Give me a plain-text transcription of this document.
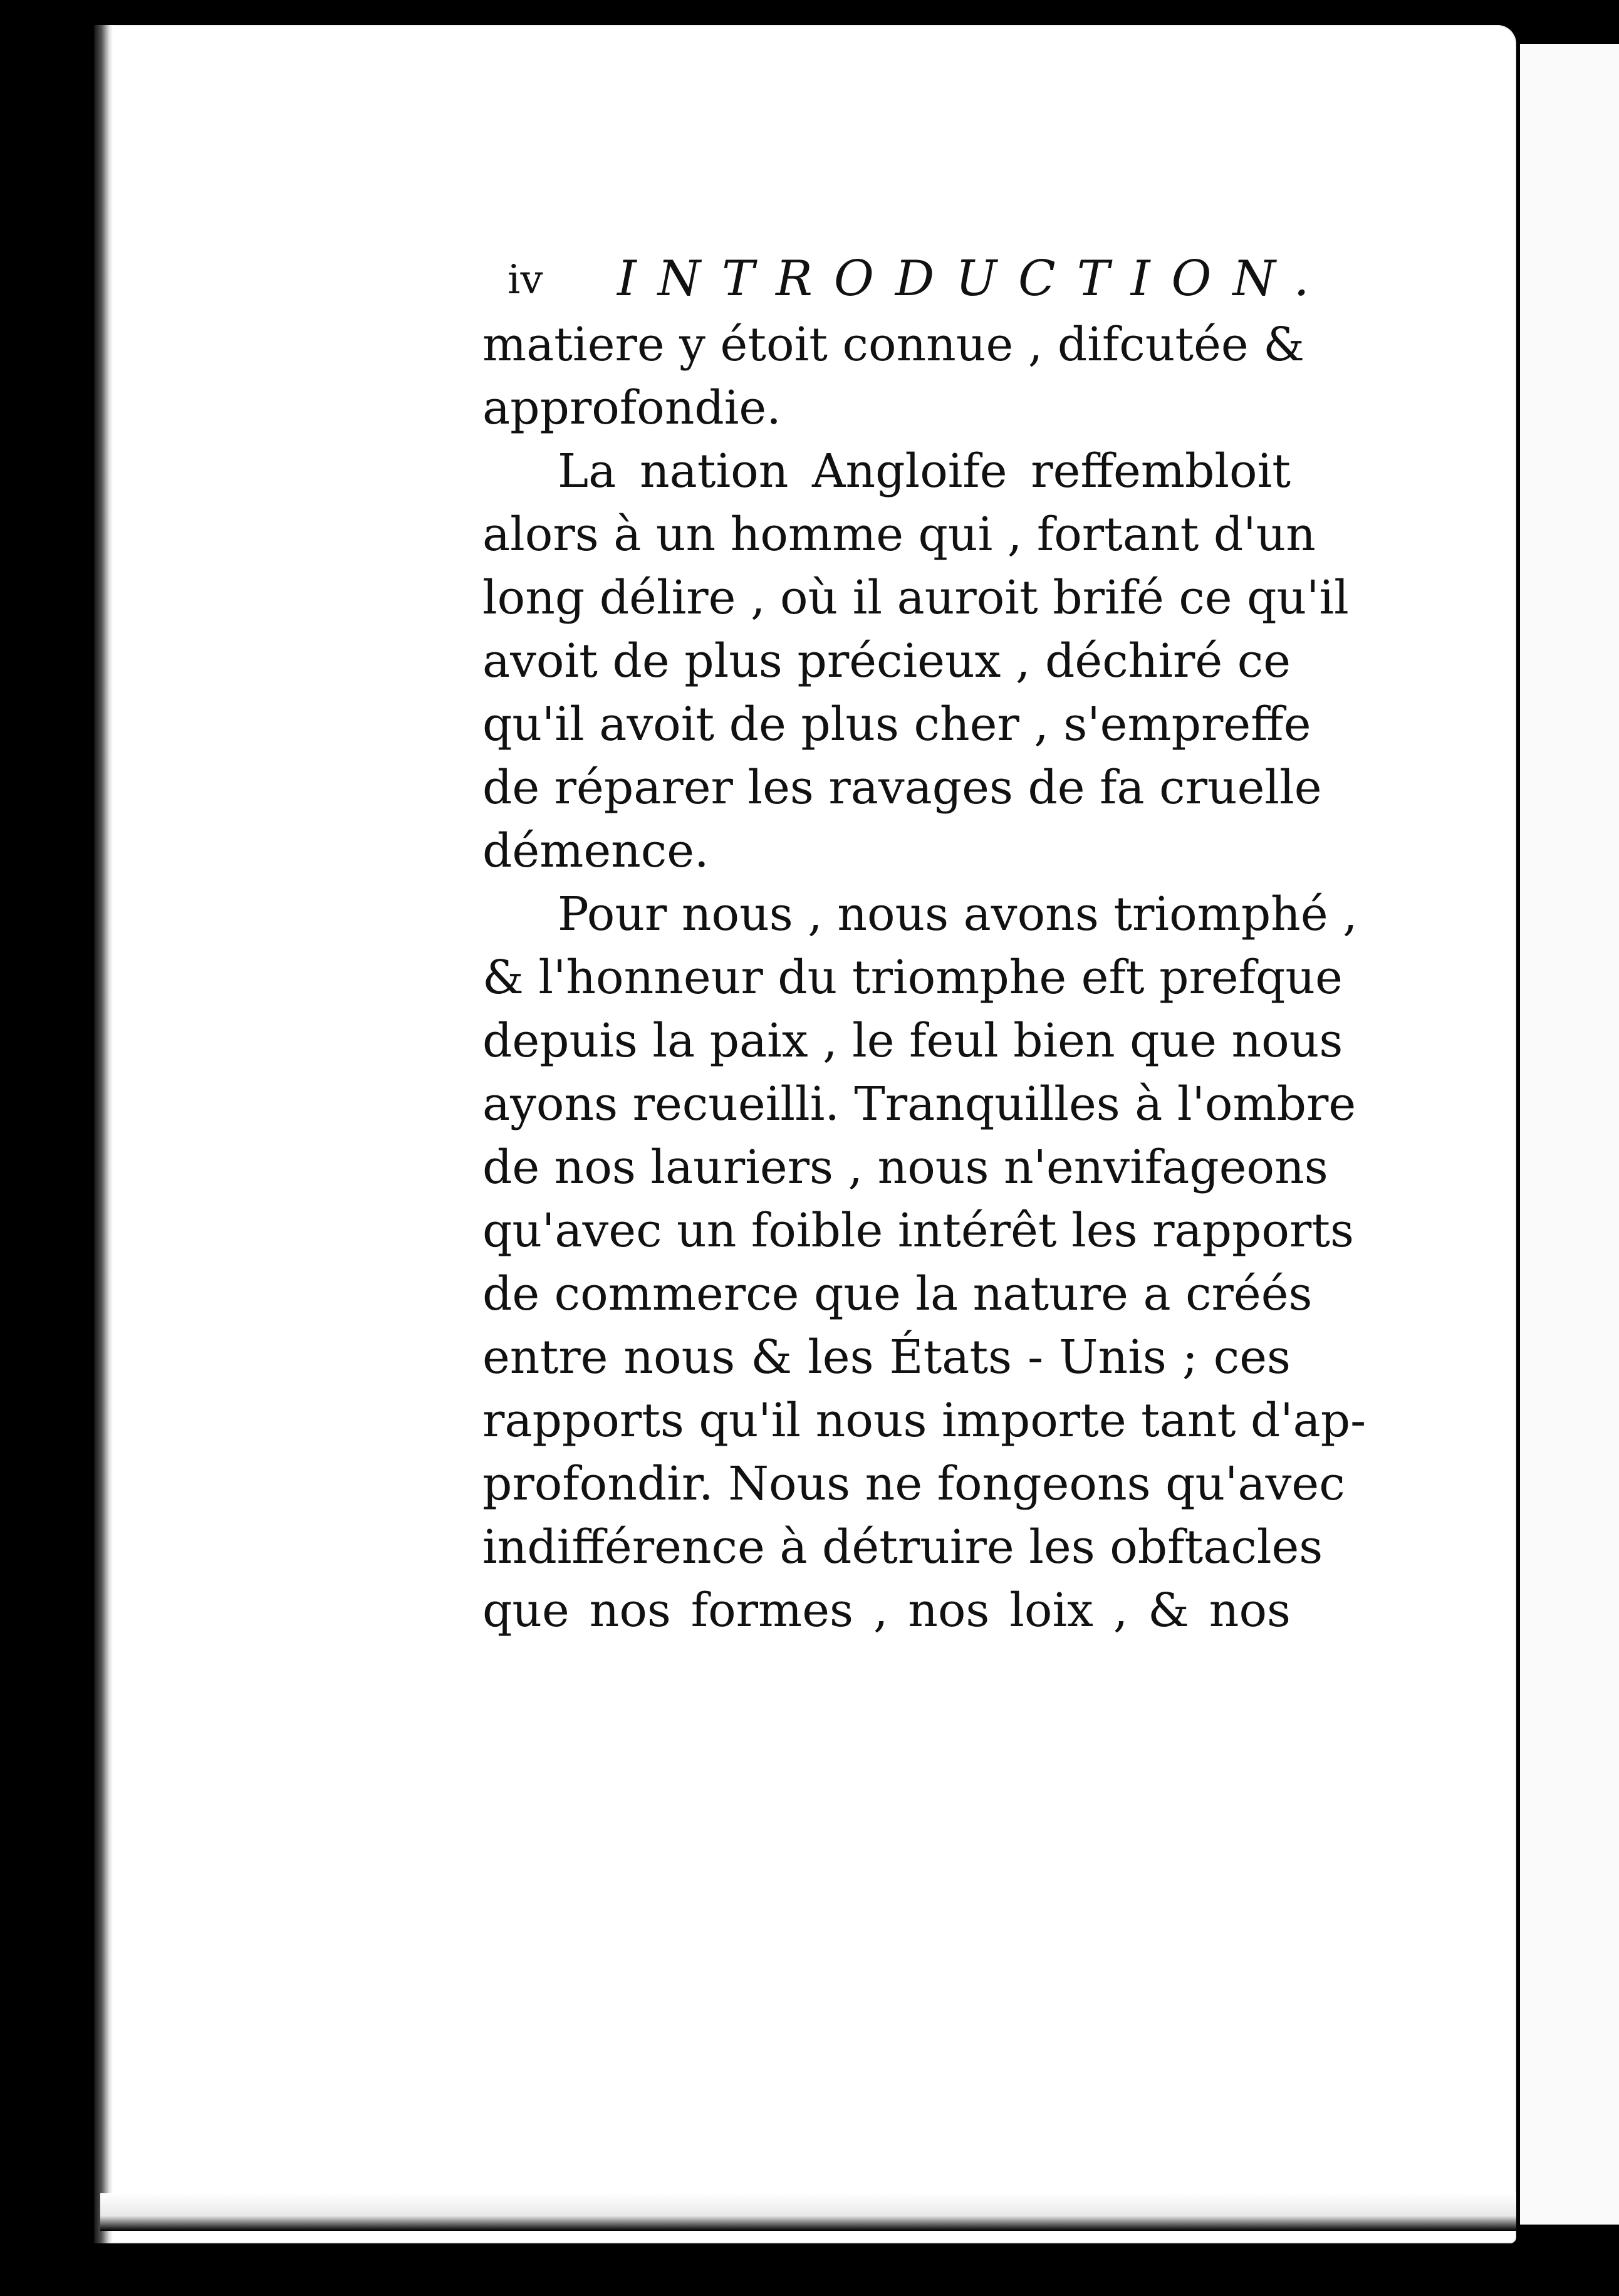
iv INTRODUCTION.
matiere y étoit connue , difcutée &
approfondie.
La nation Angloife reffembloit
alors à un homme qui , fortant d'un
long délire , où il auroit brifé ce qu'il
avoit de plus précieux , déchiré ce
qu'il avoit de plus cher , s'empreffe
de réparer les ravages de fa cruelle
démence.
Pour nous , nous avons triomphé ,
& l'honneur du triomphe eft prefque
depuis la paix , le feul bien que nous
ayons recueilli. Tranquilles à l'ombre
de nos lauriers , nous n'envifageons
qu'avec un foible intérêt les rapports
de commerce que la nature a créés
entre nous & les États - Unis ; ces
rapports qu'il nous importe tant d'ap-
profondir. Nous ne fongeons qu'avec
indifférence à détruire les obftacles
que nos formes , nos loix , & nos
